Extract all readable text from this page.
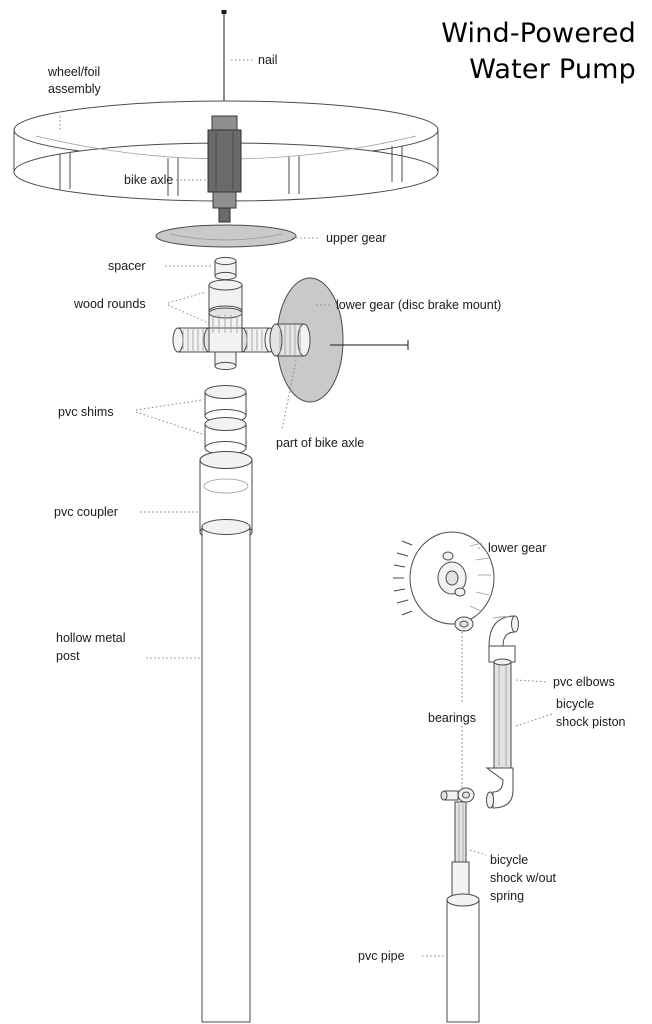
Wind-Powered
Water Pump
nail
wheel/foil
assembly
bike axle
upper gear
spacer
wood rounds	lower gear (disc brake mount)
part of bike axle
pvc shims
pvc coupler
hollow metal
post
lower gear
pvc elbows
bicycle
shock piston
bearings
bicycle
shock w/out
spring
pvc pipe
